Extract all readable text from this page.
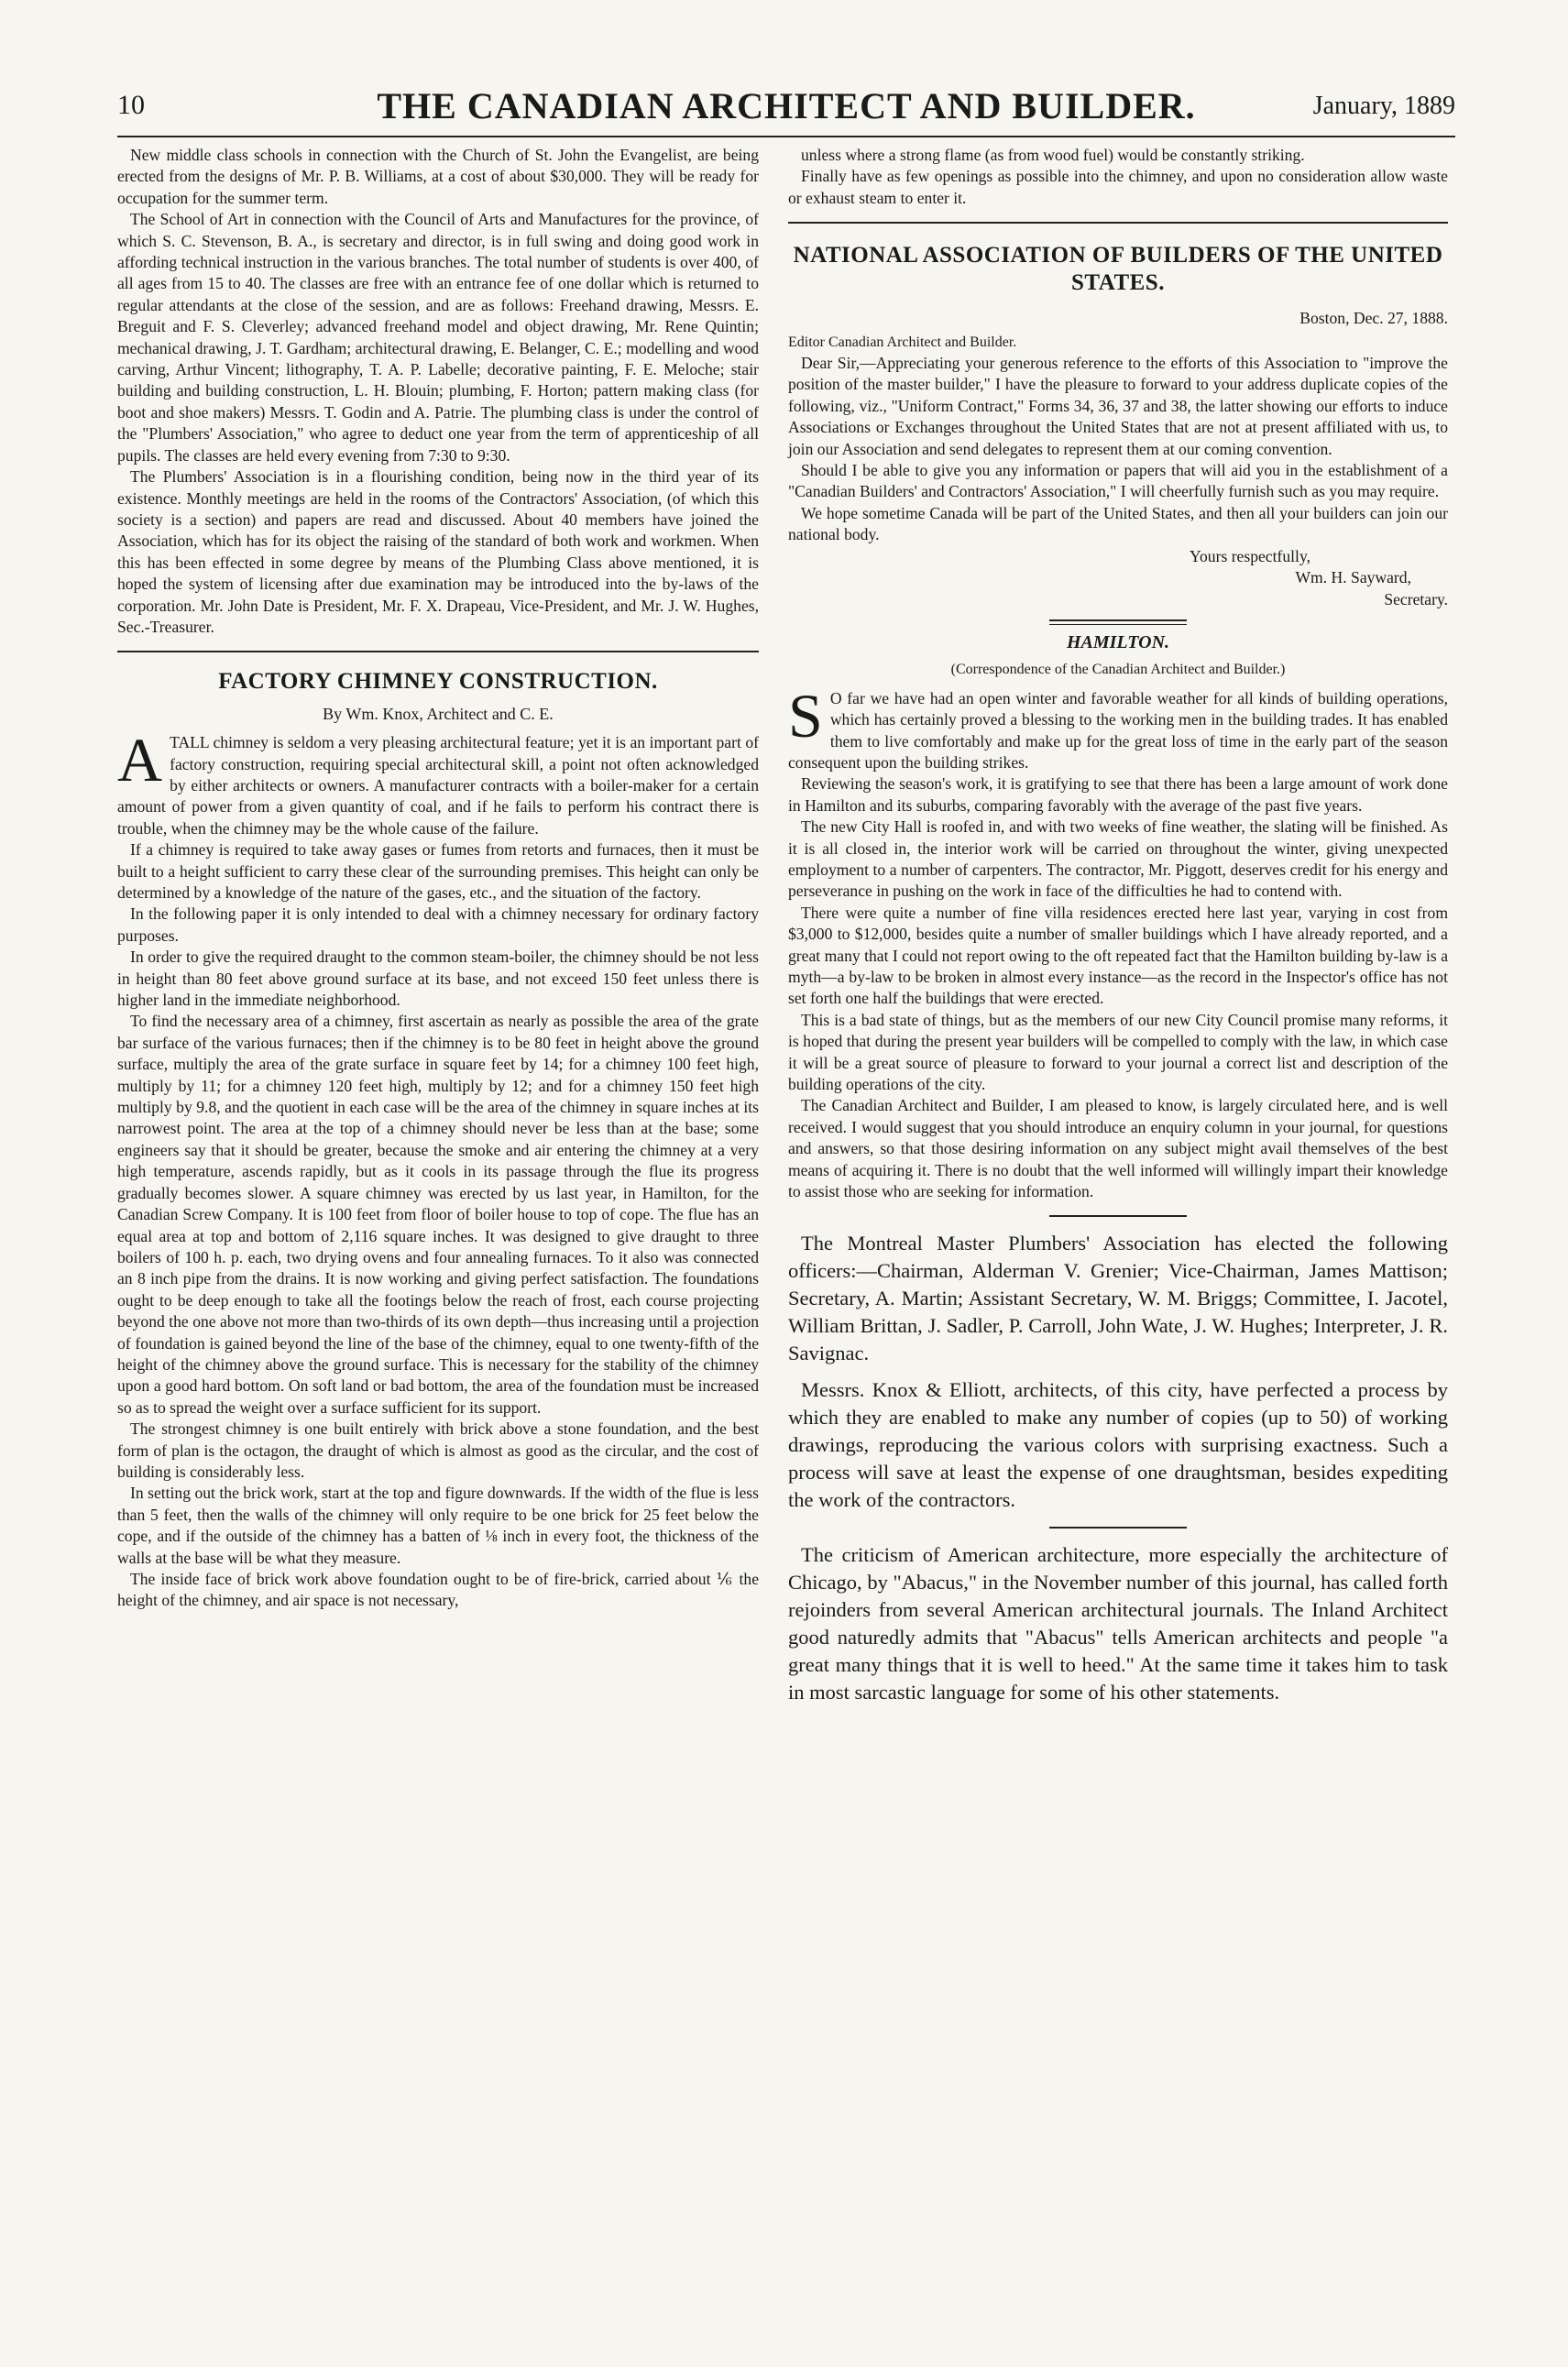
10	THE CANADIAN ARCHITECT AND BUILDER.	January, 1889

New middle class schools in connection with the Church of St. John the Evangelist, are being erected from the designs of Mr. P. B. Williams, at a cost of about $30,000. They will be ready for occupation for the summer term.

The School of Art in connection with the Council of Arts and Manufactures for the province, of which S. C. Stevenson, B. A., is secretary and director, is in full swing and doing good work in affording technical instruction in the various branches. The total number of students is over 400, of all ages from 15 to 40. The classes are free with an entrance fee of one dollar which is returned to regular attendants at the close of the session, and are as follows: Freehand drawing, Messrs. E. Breguit and F. S. Cleverley; advanced freehand model and object drawing, Mr. Rene Quintin; mechanical drawing, J. T. Gardham; architectural drawing, E. Belanger, C. E.; modelling and wood carving, Arthur Vincent; lithography, T. A. P. Labelle; decorative painting, F. E. Meloche; stair building and building construction, L. H. Blouin; plumbing, F. Horton; pattern making class (for boot and shoe makers) Messrs. T. Godin and A. Patrie. The plumbing class is under the control of the "Plumbers' Association," who agree to deduct one year from the term of apprenticeship of all pupils. The classes are held every evening from 7:30 to 9:30.

The Plumbers' Association is in a flourishing condition, being now in the third year of its existence. Monthly meetings are held in the rooms of the Contractors' Association, (of which this society is a section) and papers are read and discussed. About 40 members have joined the Association, which has for its object the raising of the standard of both work and workmen. When this has been effected in some degree by means of the Plumbing Class above mentioned, it is hoped the system of licensing after due examination may be introduced into the by-laws of the corporation. Mr. John Date is President, Mr. F. X. Drapeau, Vice-President, and Mr. J. W. Hughes, Sec.-Treasurer.

FACTORY CHIMNEY CONSTRUCTION.
By Wm. Knox, Architect and C. E.

ATALL chimney is seldom a very pleasing architectural feature; yet it is an important part of factory construction, requiring special architectural skill, a point not often acknowledged by either architects or owners. A manufacturer contracts with a boiler-maker for a certain amount of power from a given quantity of coal, and if he fails to perform his contract there is trouble, when the chimney may be the whole cause of the failure.

If a chimney is required to take away gases or fumes from retorts and furnaces, then it must be built to a height sufficient to carry these clear of the surrounding premises. This height can only be determined by a knowledge of the nature of the gases, etc., and the situation of the factory.

In the following paper it is only intended to deal with a chimney necessary for ordinary factory purposes.

In order to give the required draught to the common steam-boiler, the chimney should be not less in height than 80 feet above ground surface at its base, and not exceed 150 feet unless there is higher land in the immediate neighborhood.

To find the necessary area of a chimney, first ascertain as nearly as possible the area of the grate bar surface of the various furnaces; then if the chimney is to be 80 feet in height above the ground surface, multiply the area of the grate surface in square feet by 14; for a chimney 100 feet high, multiply by 11; for a chimney 120 feet high, multiply by 12; and for a chimney 150 feet high multiply by 9.8, and the quotient in each case will be the area of the chimney in square inches at its narrowest point. The area at the top of a chimney should never be less than at the base; some engineers say that it should be greater, because the smoke and air entering the chimney at a very high temperature, ascends rapidly, but as it cools in its passage through the flue its progress gradually becomes slower. A square chimney was erected by us last year, in Hamilton, for the Canadian Screw Company. It is 100 feet from floor of boiler house to top of cope. The flue has an equal area at top and bottom of 2,116 square inches. It was designed to give draught to three boilers of 100 h. p. each, two drying ovens and four annealing furnaces. To it also was connected an 8 inch pipe from the drains. It is now working and giving perfect satisfaction. The foundations ought to be deep enough to take all the footings below the reach of frost, each course projecting beyond the one above not more than two-thirds of its own depth—thus increasing until a projection of foundation is gained beyond the line of the base of the chimney, equal to one twenty-fifth of the height of the chimney above the ground surface. This is necessary for the stability of the chimney upon a good hard bottom. On soft land or bad bottom, the area of the foundation must be increased so as to spread the weight over a surface sufficient for its support.

The strongest chimney is one built entirely with brick above a stone foundation, and the best form of plan is the octagon, the draught of which is almost as good as the circular, and the cost of building is considerably less.

In setting out the brick work, start at the top and figure downwards. If the width of the flue is less than 5 feet, then the walls of the chimney will only require to be one brick for 25 feet below the cope, and if the outside of the chimney has a batten of ⅛ inch in every foot, the thickness of the walls at the base will be what they measure.

The inside face of brick work above foundation ought to be of fire-brick, carried about ⅙ the height of the chimney, and air space is not necessary,

unless where a strong flame (as from wood fuel) would be constantly striking.

Finally have as few openings as possible into the chimney, and upon no consideration allow waste or exhaust steam to enter it.

NATIONAL ASSOCIATION OF BUILDERS OF THE UNITED STATES.
Boston, Dec. 27, 1888.
Editor Canadian Architect and Builder.

Dear Sir,—Appreciating your generous reference to the efforts of this Association to "improve the position of the master builder," I have the pleasure to forward to your address duplicate copies of the following, viz., "Uniform Contract," Forms 34, 36, 37 and 38, the latter showing our efforts to induce Associations or Exchanges throughout the United States that are not at present affiliated with us, to join our Association and send delegates to represent them at our coming convention.

Should I be able to give you any information or papers that will aid you in the establishment of a "Canadian Builders' and Contractors' Association," I will cheerfully furnish such as you may require.

We hope sometime Canada will be part of the United States, and then all your builders can join our national body.

Yours respectfully,
Wm. H. Sayward,
Secretary.
HAMILTON.
(Correspondence of the Canadian Architect and Builder.)

S O far we have had an open winter and favorable weather for all kinds of building operations, which has certainly proved a blessing to the working men in the building trades. It has enabled them to live comfortably and make up for the great loss of time in the early part of the season consequent upon the building strikes.

Reviewing the season's work, it is gratifying to see that there has been a large amount of work done in Hamilton and its suburbs, comparing favorably with the average of the past five years.

The new City Hall is roofed in, and with two weeks of fine weather, the slating will be finished. As it is all closed in, the interior work will be carried on throughout the winter, giving unexpected employment to a number of carpenters. The contractor, Mr. Piggott, deserves credit for his energy and perseverance in pushing on the work in face of the difficulties he had to contend with.

There were quite a number of fine villa residences erected here last year, varying in cost from $3,000 to $12,000, besides quite a number of smaller buildings which I have already reported, and a great many that I could not report owing to the oft repeated fact that the Hamilton building by-law is a myth—a by-law to be broken in almost every instance—as the record in the Inspector's office has not set forth one half the buildings that were erected.

This is a bad state of things, but as the members of our new City Council promise many reforms, it is hoped that during the present year builders will be compelled to comply with the law, in which case it will be a great source of pleasure to forward to your journal a correct list and description of the building operations of the city.

The Canadian Architect and Builder, I am pleased to know, is largely circulated here, and is well received. I would suggest that you should introduce an enquiry column in your journal, for questions and answers, so that those desiring information on any subject might avail themselves of the best means of acquiring it. There is no doubt that the well informed will willingly impart their knowledge to assist those who are seeking for information.

The Montreal Master Plumbers' Association has elected the following officers:—Chairman, Alderman V. Grenier; Vice-Chairman, James Mattison; Secretary, A. Martin; Assistant Secretary, W. M. Briggs; Committee, I. Jacotel, William Brittan, J. Sadler, P. Carroll, John Wate, J. W. Hughes; Interpreter, J. R. Savignac.

Messrs. Knox & Elliott, architects, of this city, have perfected a process by which they are enabled to make any number of copies (up to 50) of working drawings, reproducing the various colors with surprising exactness. Such a process will save at least the expense of one draughtsman, besides expediting the work of the contractors.

The criticism of American architecture, more especially the architecture of Chicago, by "Abacus," in the November number of this journal, has called forth rejoinders from several American architectural journals. The Inland Architect good naturedly admits that "Abacus" tells American architects and people "a great many things that it is well to heed." At the same time it takes him to task in most sarcastic language for some of his other statements.
